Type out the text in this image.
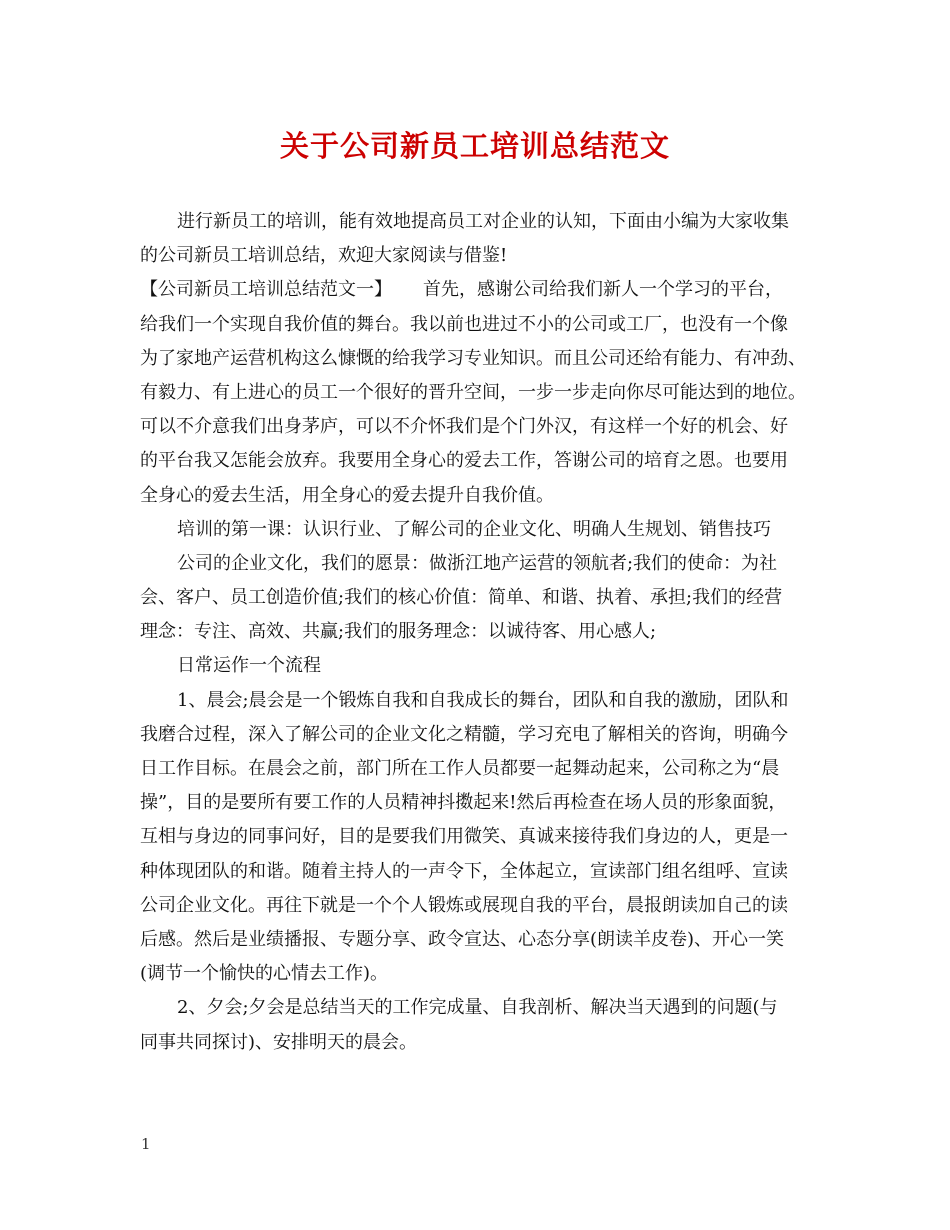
关于公司新员工培训总结范文
进行新员工的培训，能有效地提高员工对企业的认知，下面由小编为大家收集
的公司新员工培训总结，欢迎大家阅读与借鉴!
【公司新员工培训总结范文一】 首先，感谢公司给我们新人一个学习的平台，
给我们一个实现自我价值的舞台。我以前也进过不小的公司或工厂，也没有一个像
为了家地产运营机构这么慷慨的给我学习专业知识。而且公司还给有能力、有冲劲、
有毅力、有上进心的员工一个很好的晋升空间，一步一步走向你尽可能达到的地位。
可以不介意我们出身茅庐，可以不介怀我们是个门外汉，有这样一个好的机会、好
的平台我又怎能会放弃。我要用全身心的爱去工作，答谢公司的培育之恩。也要用
全身心的爱去生活，用全身心的爱去提升自我价值。
培训的第一课：认识行业、了解公司的企业文化、明确人生规划、销售技巧
公司的企业文化，我们的愿景：做浙江地产运营的领航者;我们的使命：为社
会、客户、员工创造价值;我们的核心价值：简单、和谐、执着、承担;我们的经营
理念：专注、高效、共赢;我们的服务理念：以诚待客、用心感人;
日常运作一个流程
1、晨会;晨会是一个锻炼自我和自我成长的舞台，团队和自我的激励，团队和
我磨合过程，深入了解公司的企业文化之精髓，学习充电了解相关的咨询，明确今
日工作目标。在晨会之前，部门所在工作人员都要一起舞动起来，公司称之为“晨
操”，目的是要所有要工作的人员精神抖擞起来!然后再检查在场人员的形象面貌，
互相与身边的同事问好，目的是要我们用微笑、真诚来接待我们身边的人，更是一
种体现团队的和谐。随着主持人的一声令下，全体起立，宣读部门组名组呼、宣读
公司企业文化。再往下就是一个个人锻炼或展现自我的平台，晨报朗读加自己的读
后感。然后是业绩播报、专题分享、政令宣达、心态分享(朗读羊皮卷)、开心一笑
(调节一个愉快的心情去工作)。
2、夕会;夕会是总结当天的工作完成量、自我剖析、解决当天遇到的问题(与
同事共同探讨)、安排明天的晨会。
1
